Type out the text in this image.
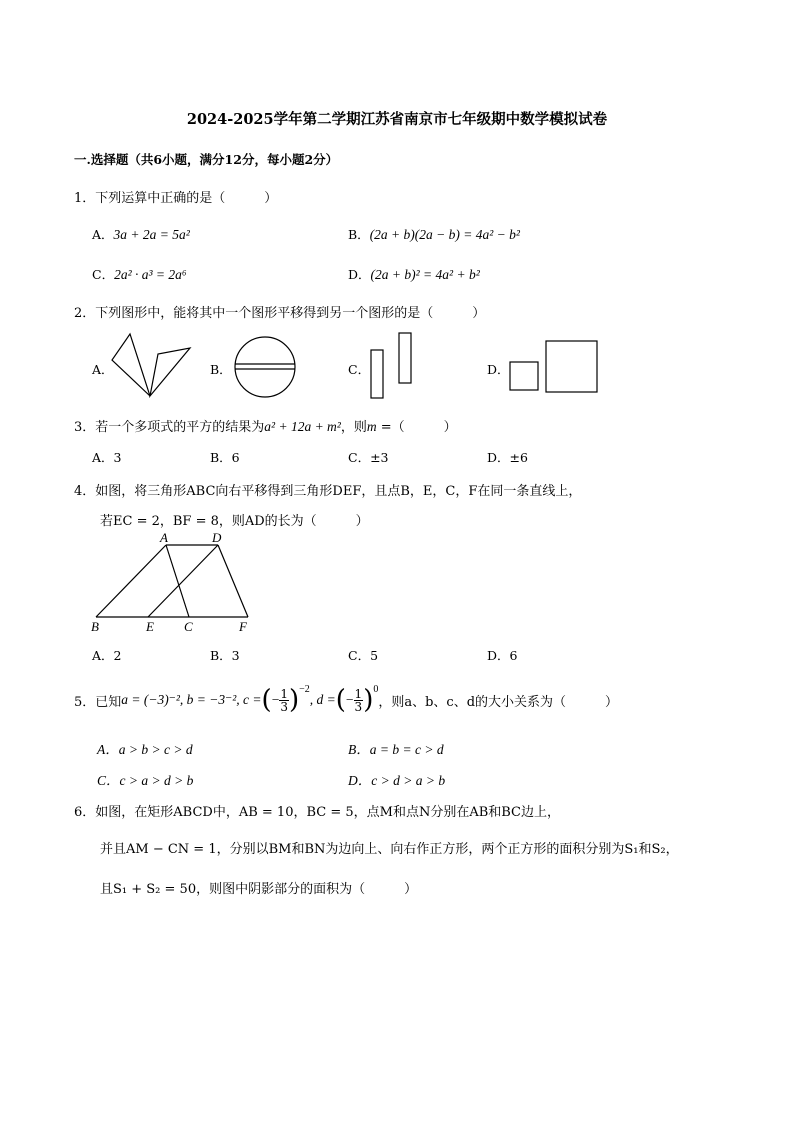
2024-2025学年第二学期江苏省南京市七年级期中数学模拟试卷
一.选择题（共6小题，满分12分，每小题2分）
1．下列运算中正确的是（　　　）
A．3a + 2a = 5a²	B．(2a + b)(2a − b) = 4a² − b²
C．2a² · a³ = 2a⁶	D．(2a + b)² = 4a² + b²
2．下列图形中，能将其中一个图形平移得到另一个图形的是（　　　）
A．	B．	C．	D．
3．若一个多项式的平方的结果为a² + 12a + m²，则m =（　　　）
A．3	B．6	C．±3	D．±6
4．如图，将三角形ABC向右平移得到三角形DEF，且点B，E，C，F在同一条直线上，
若EC = 2，BF = 8，则AD的长为（　　　）
A	D
B	E C	F
A．2	B．3	C．5	D．6
5．已知 a = (−3)⁻², b = −3⁻², c = ( − $\frac{1}{3} )^{-2}$
, d = ( − $\frac{1}{3} )^0$
，则a、b、c、d的大小关系为（　　　）
A．a > b > c > d	B．a = b = c > d
C．c > a > d > b	D．c > d > a > b
6．如图，在矩形ABCD中，AB = 10，BC = 5，点M和点N分别在AB和BC边上，
并且AM − CN = 1，分别以BM和BN为边向上、向右作正方形，两个正方形的面积分别为S₁和S₂，
且S₁ + S₂ = 50，则图中阴影部分的面积为（　　　）
